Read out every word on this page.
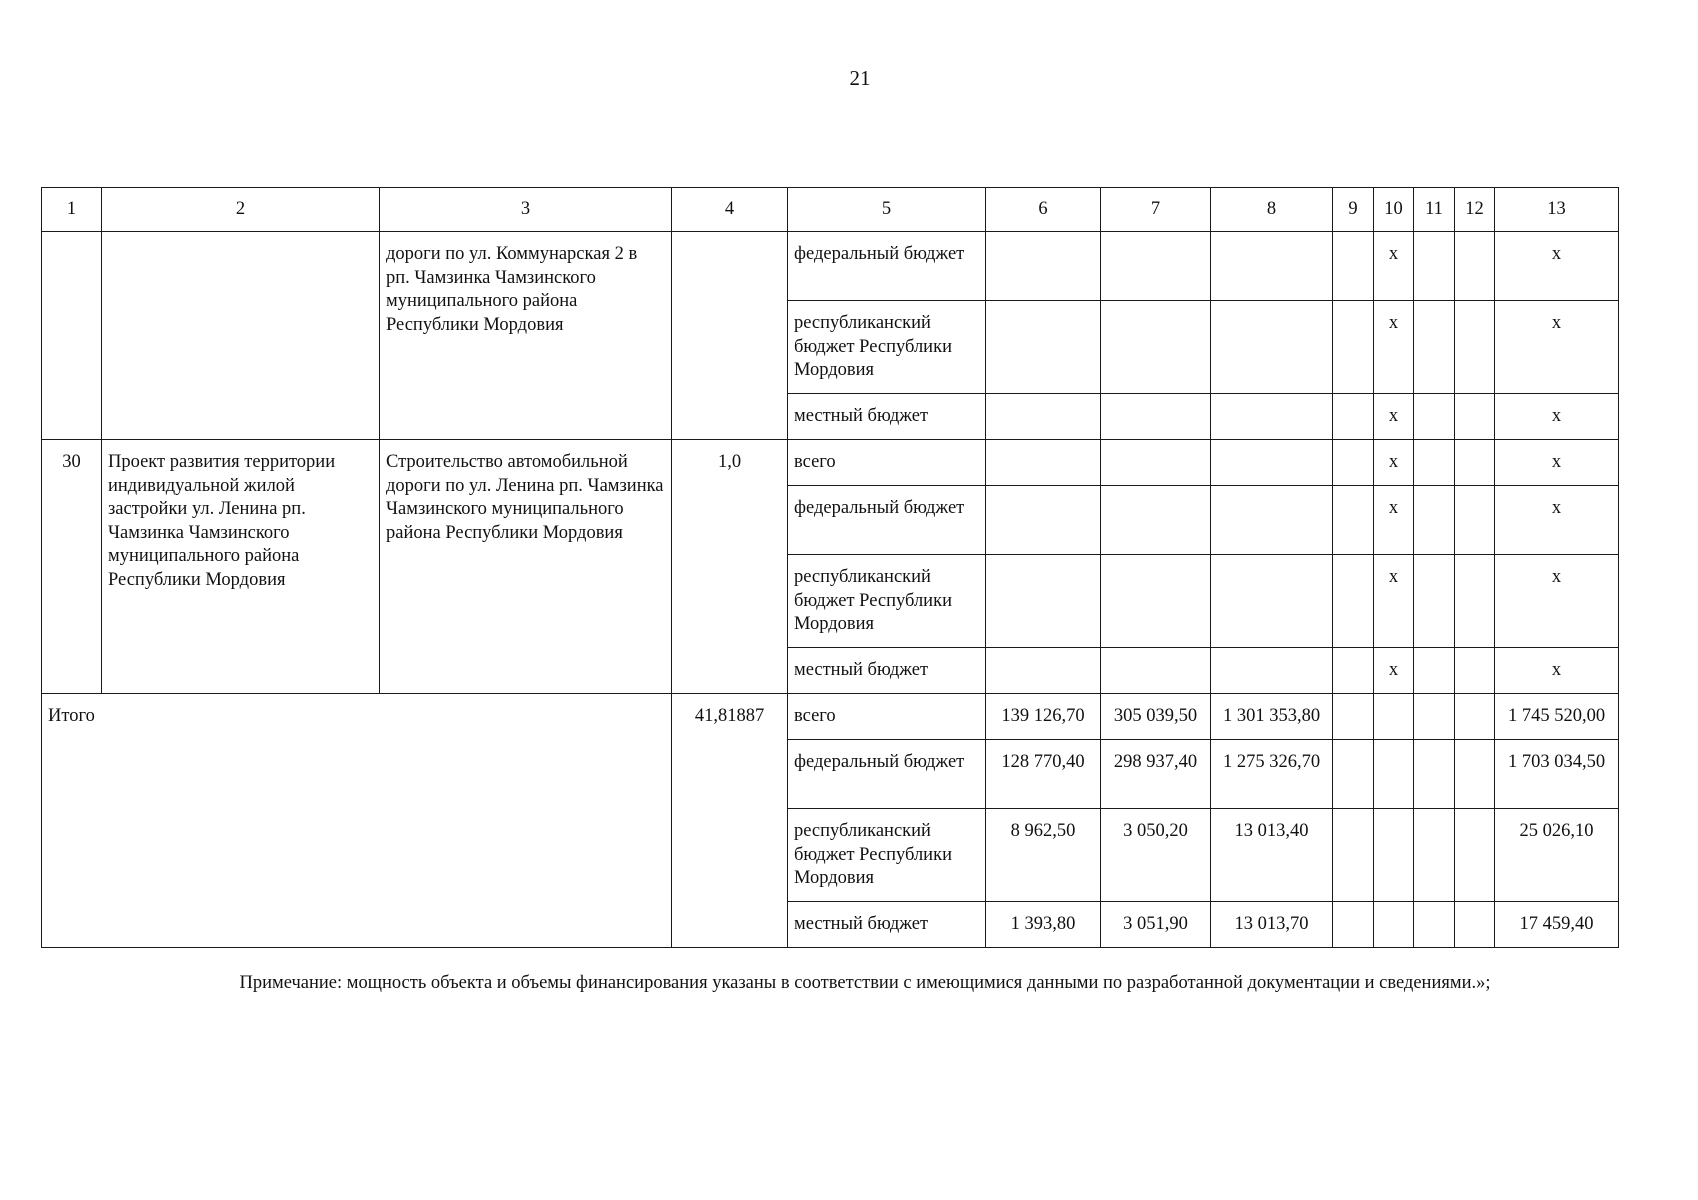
21
1	2	3	4	5	6	7	8	9	10	11	12	13
		дороги по ул. Коммунарская 2 в рп. Чамзинка Чамзинского муниципального района Республики Мордовия		федеральный бюджет					х			х
				республиканский бюджет Республики Мордовия					х			х
				местный бюджет					х			х
30	Проект развития территории индивидуальной жилой застройки ул. Ленина рп. Чамзинка Чамзинского муниципального района Республики Мордовия	Строительство автомобильной дороги по ул. Ленина рп. Чамзинка Чамзинского муниципального района Республики Мордовия	1,0	всего					х			х
				федеральный бюджет					х			х
				республиканский бюджет Республики Мордовия					х			х
				местный бюджет					х			х
Итого			41,81887	всего	139 126,70	305 039,50	1 301 353,80					1 745 520,00
				федеральный бюджет	128 770,40	298 937,40	1 275 326,70					1 703 034,50
				республиканский бюджет Республики Мордовия	8 962,50	3 050,20	13 013,40					25 026,10
				местный бюджет	1 393,80	3 051,90	13 013,70					17 459,40
Примечание: мощность объекта и объемы финансирования указаны в соответствии с имеющимися данными по разработанной документации и сведениями.»;
